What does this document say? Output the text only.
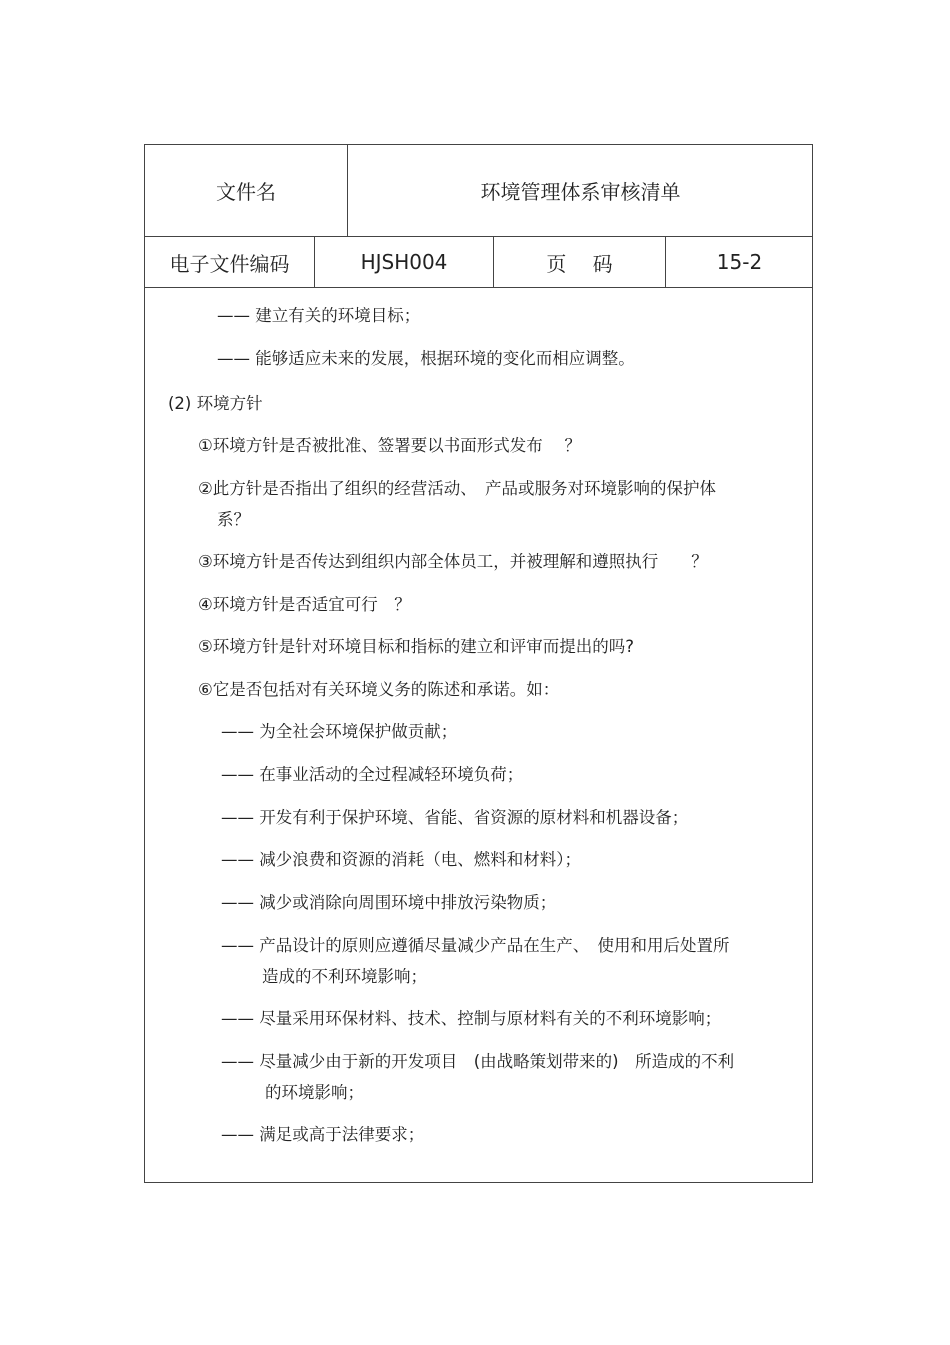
文件名	环境管理体系审核清单
电子文件编码	HJSH004	页　 码	15-2
—— 建立有关的环境目标；
—— 能够适应未来的发展，根据环境的变化而相应调整。
(2) 环境方针
①环境方针是否被批准、签署要以书面形式发布　 ？
②此方针是否指出了组织的经营活动、　产品或服务对环境影响的保护体
系？
③环境方针是否传达到组织内部全体员工，并被理解和遵照执行　　？
④环境方针是否适宜可行　？
⑤环境方针是针对环境目标和指标的建立和评审而提出的吗?
⑥它是否包括对有关环境义务的陈述和承诺。如：
—— 为全社会环境保护做贡献；
—— 在事业活动的全过程减轻环境负荷；
—— 开发有利于保护环境、省能、省资源的原材料和机器设备；
—— 减少浪费和资源的消耗（电、燃料和材料）；
—— 减少或消除向周围环境中排放污染物质；
—— 产品设计的原则应遵循尽量减少产品在生产、　使用和用后处置所
造成的不利环境影响；
—— 尽量采用环保材料、技术、控制与原材料有关的不利环境影响；
—— 尽量减少由于新的开发项目　(由战略策划带来的)　所造成的不利
的环境影响；
—— 满足或高于法律要求；
